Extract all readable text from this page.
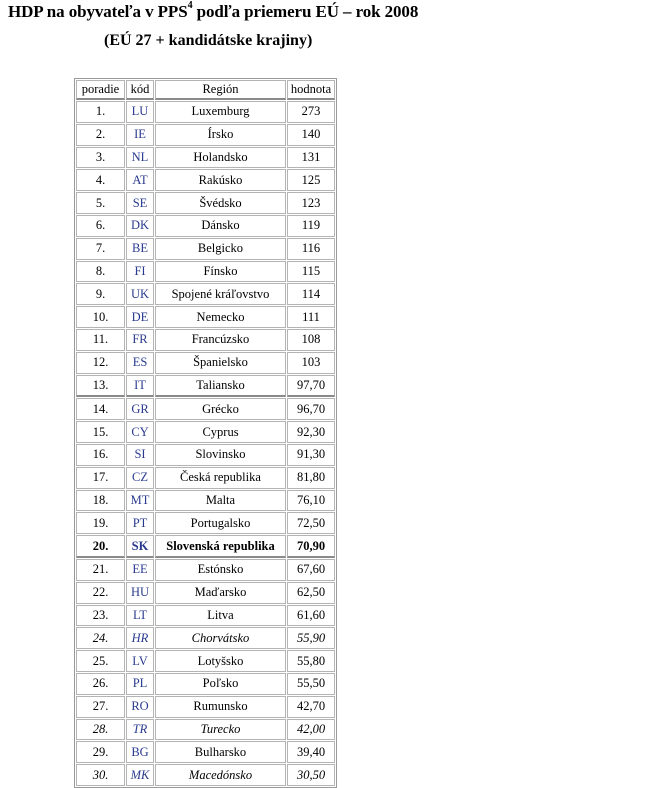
HDP na obyvateľa v PPS$^4$ podľa priemeru EÚ – rok 2008
(EÚ 27 + kandidátske krajiny)
poradie	kód	Región	hodnota
1.	LU	Luxemburg	273
2.	IE	Írsko	140
3.	NL	Holandsko	131
4.	AT	Rakúsko	125
5.	SE	Švédsko	123
6.	DK	Dánsko	119
7.	BE	Belgicko	116
8.	FI	Fínsko	115
9.	UK	Spojené kráľovstvo	114
10.	DE	Nemecko	111
11.	FR	Francúzsko	108
12.	ES	Španielsko	103
13.	IT	Taliansko	97,70
14.	GR	Grécko	96,70
15.	CY	Cyprus	92,30
16.	SI	Slovinsko	91,30
17.	CZ	Česká republika	81,80
18.	MT	Malta	76,10
19.	PT	Portugalsko	72,50
20.	SK	Slovenská republika	70,90
21.	EE	Estónsko	67,60
22.	HU	Maďarsko	62,50
23.	LT	Litva	61,60
24.	HR	Chorvátsko	55,90
25.	LV	Lotyšsko	55,80
26.	PL	Poľsko	55,50
27.	RO	Rumunsko	42,70
28.	TR	Turecko	42,00
29.	BG	Bulharsko	39,40
30.	MK	Macedónsko	30,50
